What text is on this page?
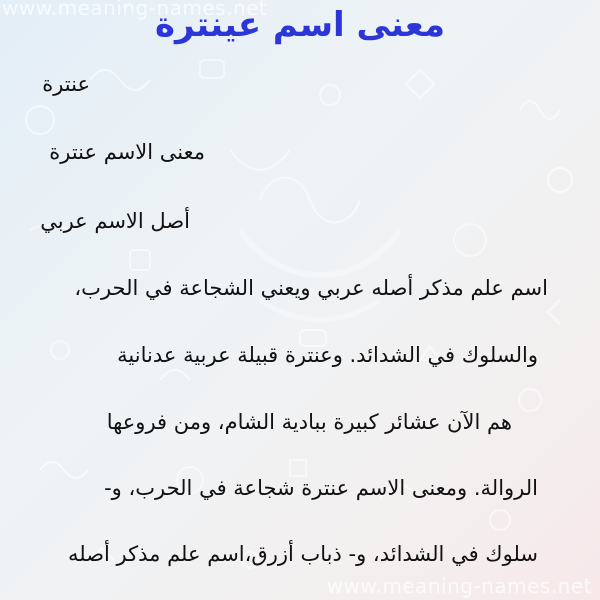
www.meaning-names.net
معنى اسم عينترة
عنترة
معنى الاسم عنترة
أصل الاسم عربي
اسم علم مذكر أصله عربي ويعني الشجاعة في الحرب،
والسلوك في الشدائد. وعنترة قبيلة عربية عدنانية
هم الآن عشائر كبيرة ببادية الشام، ومن فروعها
الروالة. ومعنى الاسم عنترة شجاعة في الحرب، و-
سلوك في الشدائد، و- ذباب أزرق،اسم علم مذكر أصله
www.meaning-names.net
